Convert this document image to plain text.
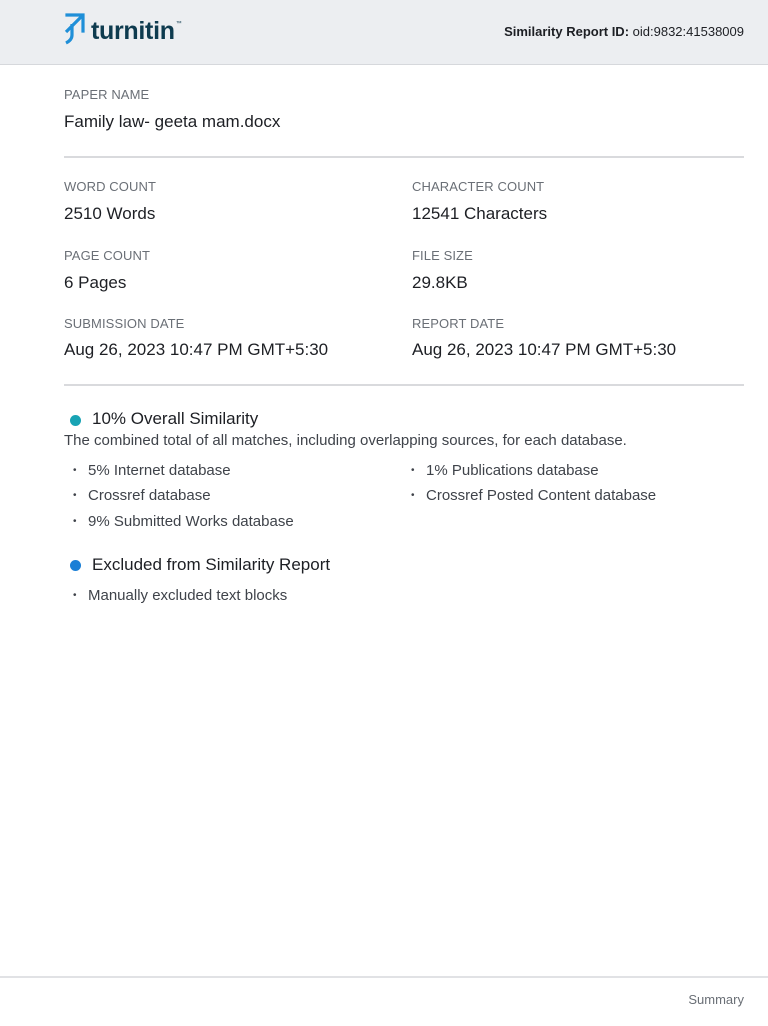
turnitin ™	Similarity Report ID: oid:9832:41538009
PAPER NAME
Family law- geeta mam.docx
WORD COUNT
2510 Words
CHARACTER COUNT
12541 Characters
PAGE COUNT
6 Pages
FILE SIZE
29.8KB
SUBMISSION DATE
Aug 26, 2023 10:47 PM GMT+5:30
REPORT DATE
Aug 26, 2023 10:47 PM GMT+5:30
10% Overall Similarity
The combined total of all matches, including overlapping sources, for each database.
• 5% Internet database
• Crossref database
• 9% Submitted Works database
• 1% Publications database
• Crossref Posted Content database
Excluded from Similarity Report
• Manually excluded text blocks
Summary
